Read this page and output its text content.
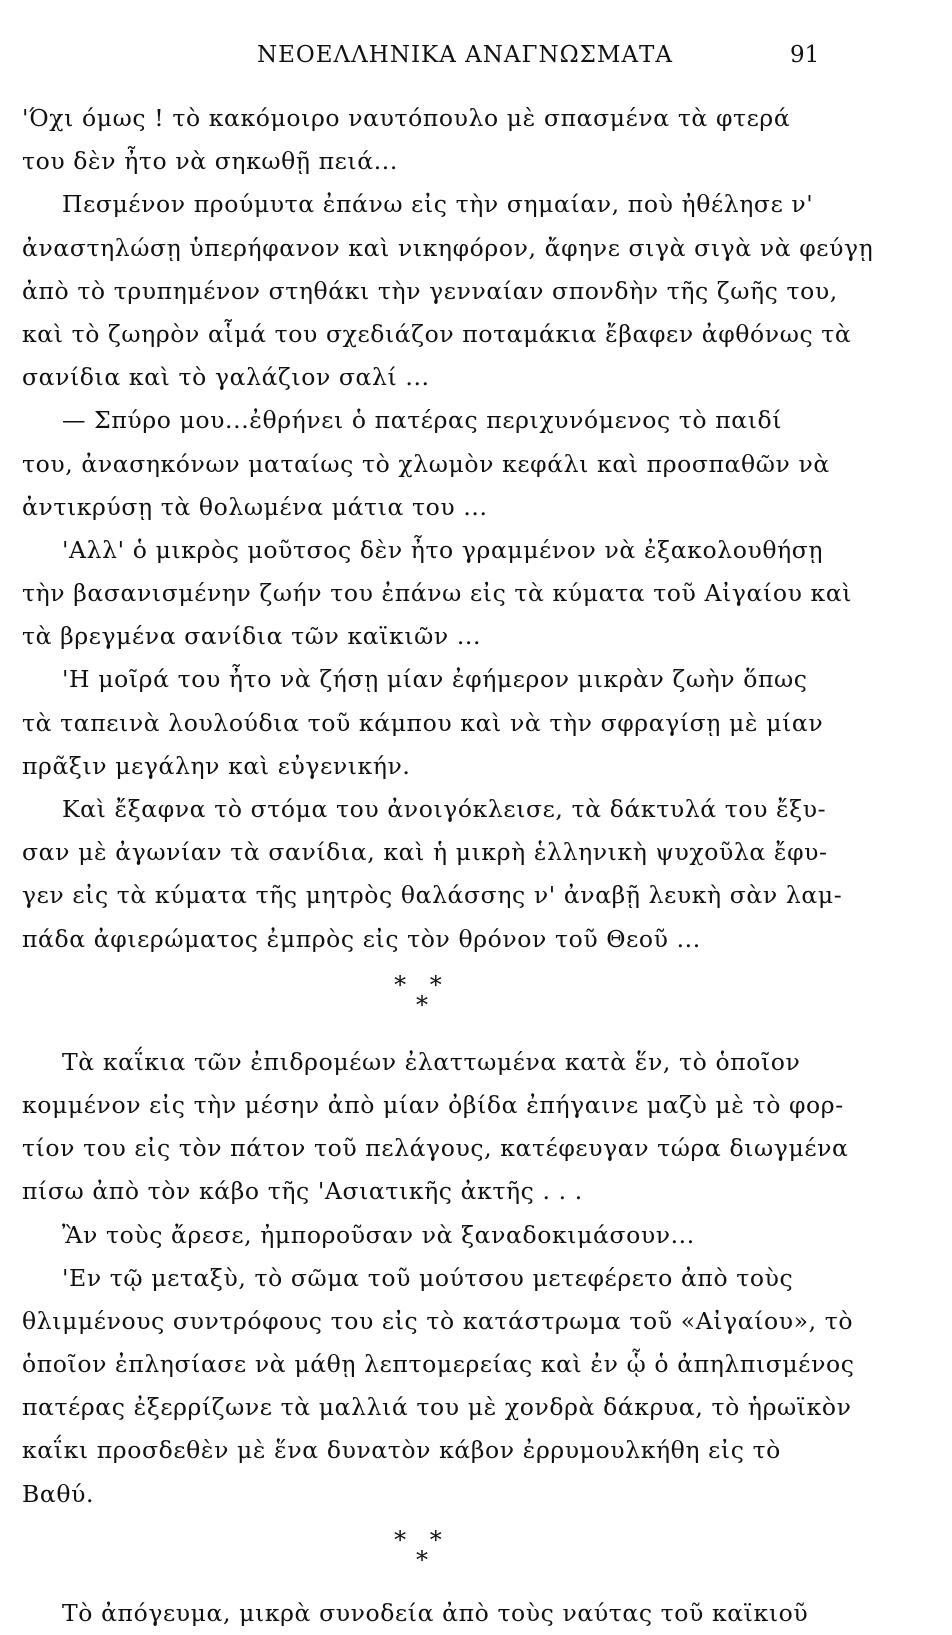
ΝΕΟΕΛΛΗΝΙΚΑ ΑΝΑΓΝΩΣΜΑΤΑ	91
'Όχι όμως ! τὸ κακόμοιρο ναυτόπουλο μὲ σπασμένα τὰ φτερά
του δὲν ἦτο νὰ σηκωθῇ πειά...
Πεσμένον προύμυτα ἐπάνω εἰς τὴν σημαίαν, ποὺ ἠθέλησε ν'
ἀναστηλώσῃ ὑπερήφανον καὶ νικηφόρον, ἄφηνε σιγὰ σιγὰ νὰ φεύγῃ
ἀπὸ τὸ τρυπημένον στηθάκι τὴν γενναίαν σπονδὴν τῆς ζωῆς του,
καὶ τὸ ζωηρὸν αἷμά του σχεδιάζον ποταμάκια ἔβαφεν ἀφθόνως τὰ
σανίδια καὶ τὸ γαλάζιον σαλί ...
— Σπύρο μου...ἐθρήνει ὁ πατέρας περιχυνόμενος τὸ παιδί
του, ἀνασηκόνων ματαίως τὸ χλωμὸν κεφάλι καὶ προσπαθῶν νὰ
ἀντικρύσῃ τὰ θολωμένα μάτια του ...
'Αλλ' ὁ μικρὸς μοῦτσος δὲν ἦτο γραμμένον νὰ ἐξακολουθήσῃ
τὴν βασανισμένην ζωήν του ἐπάνω εἰς τὰ κύματα τοῦ Αἰγαίου καὶ
τὰ βρεγμένα σανίδια τῶν καϊκιῶν ...
'Η μοῖρά του ἦτο νὰ ζήσῃ μίαν ἐφήμερον μικρὰν ζωὴν ὅπως
τὰ ταπεινὰ λουλούδια τοῦ κάμπου καὶ νὰ τὴν σφραγίσῃ μὲ μίαν
πρᾶξιν μεγάλην καὶ εὐγενικήν.
Καὶ ἔξαφνα τὸ στόμα του ἀνοιγόκλεισε, τὰ δάκτυλά του ἔξυ-
σαν μὲ ἀγωνίαν τὰ σανίδια, καὶ ἡ μικρὴ ἑλληνικὴ ψυχοῦλα ἔφυ-
γεν εἰς τὰ κύματα τῆς μητρὸς θαλάσσης ν' ἀναβῇ λευκὴ σὰν λαμ-
πάδα ἀφιερώματος ἐμπρὸς εἰς τὸν θρόνον τοῦ Θεοῦ ...
* *
*
Τὰ καΐκια τῶν ἐπιδρομέων ἐλαττωμένα κατὰ ἕν, τὸ ὁποῖον
κομμένον εἰς τὴν μέσην ἀπὸ μίαν ὀβίδα ἐπήγαινε μαζὺ μὲ τὸ φορ-
τίον του εἰς τὸν πάτον τοῦ πελάγους, κατέφευγαν τώρα διωγμένα
πίσω ἀπὸ τὸν κάβο τῆς 'Ασιατικῆς ἀκτῆς . . .
Ἂν τοὺς ἄρεσε, ἠμποροῦσαν νὰ ξαναδοκιμάσουν...
'Εν τῷ μεταξὺ, τὸ σῶμα τοῦ μούτσου μετεφέρετο ἀπὸ τοὺς
θλιμμένους συντρόφους του εἰς τὸ κατάστρωμα τοῦ «Αἰγαίου», τὸ
ὁποῖον ἐπλησίασε νὰ μάθῃ λεπτομερείας καὶ ἐν ᾧ ὁ ἀπηλπισμένος
πατέρας ἐξερρίζωνε τὰ μαλλιά του μὲ χονδρὰ δάκρυα, τὸ ἡρωϊκὸν
καΐκι προσδεθὲν μὲ ἕνα δυνατὸν κάβον ἐρρυμουλκήθη εἰς τὸ
Βαθύ.
* *
*
Τὸ ἀπόγευμα, μικρὰ συνοδεία ἀπὸ τοὺς ναύτας τοῦ καϊκιοῦ
